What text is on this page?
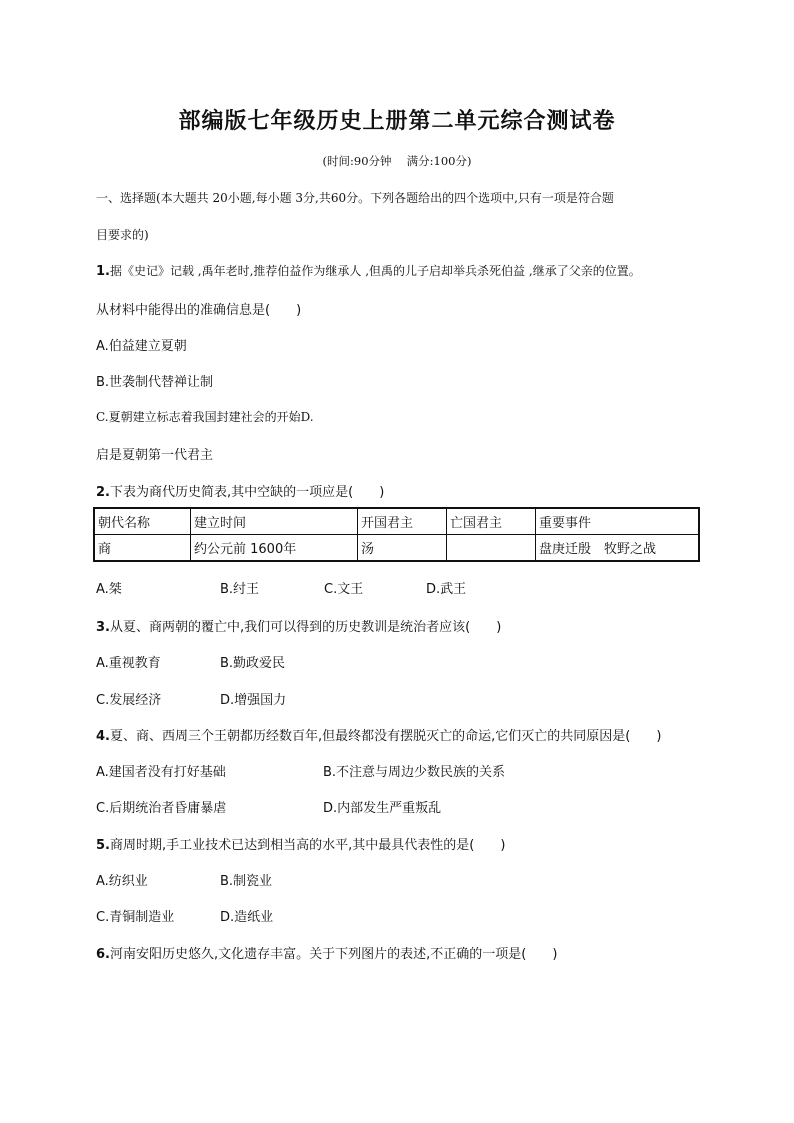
部编版七年级历史上册第二单元综合测试卷
(时间:90分钟　 满分:100分)
一、选择题(本大题共 20小题,每小题 3分,共60分。下列各题给出的四个选项中,只有一项是符合题
目要求的)
1.据《史记》记载 ,禹年老时,推荐伯益作为继承人 ,但禹的儿子启却举兵杀死伯益 ,继承了父亲的位置。
从材料中能得出的准确信息是(　　)
A.伯益建立夏朝
B.世袭制代替禅让制
C.夏朝建立标志着我国封建社会的开始D.
启是夏朝第一代君主
2.下表为商代历史简表,其中空缺的一项应是(　　)
朝代名称	建立时间	开国君主	亡国君主	重要事件
商	约公元前 1600年	汤		盘庚迁殷　牧野之战
A.桀	B.纣王	C.文王	D.武王
3.从夏、商两朝的覆亡中,我们可以得到的历史教训是统治者应该(　　)
A.重视教育	B.勤政爱民
C.发展经济	D.增强国力
4.夏、商、西周三个王朝都历经数百年,但最终都没有摆脱灭亡的命运,它们灭亡的共同原因是(　　)
A.建国者没有打好基础	B.不注意与周边少数民族的关系
C.后期统治者昏庸暴虐	D.内部发生严重叛乱
5.商周时期,手工业技术已达到相当高的水平,其中最具代表性的是(　　)
A.纺织业	B.制瓷业
C.青铜制造业	D.造纸业
6.河南安阳历史悠久,文化遗存丰富。关于下列图片的表述,不正确的一项是(　　)
